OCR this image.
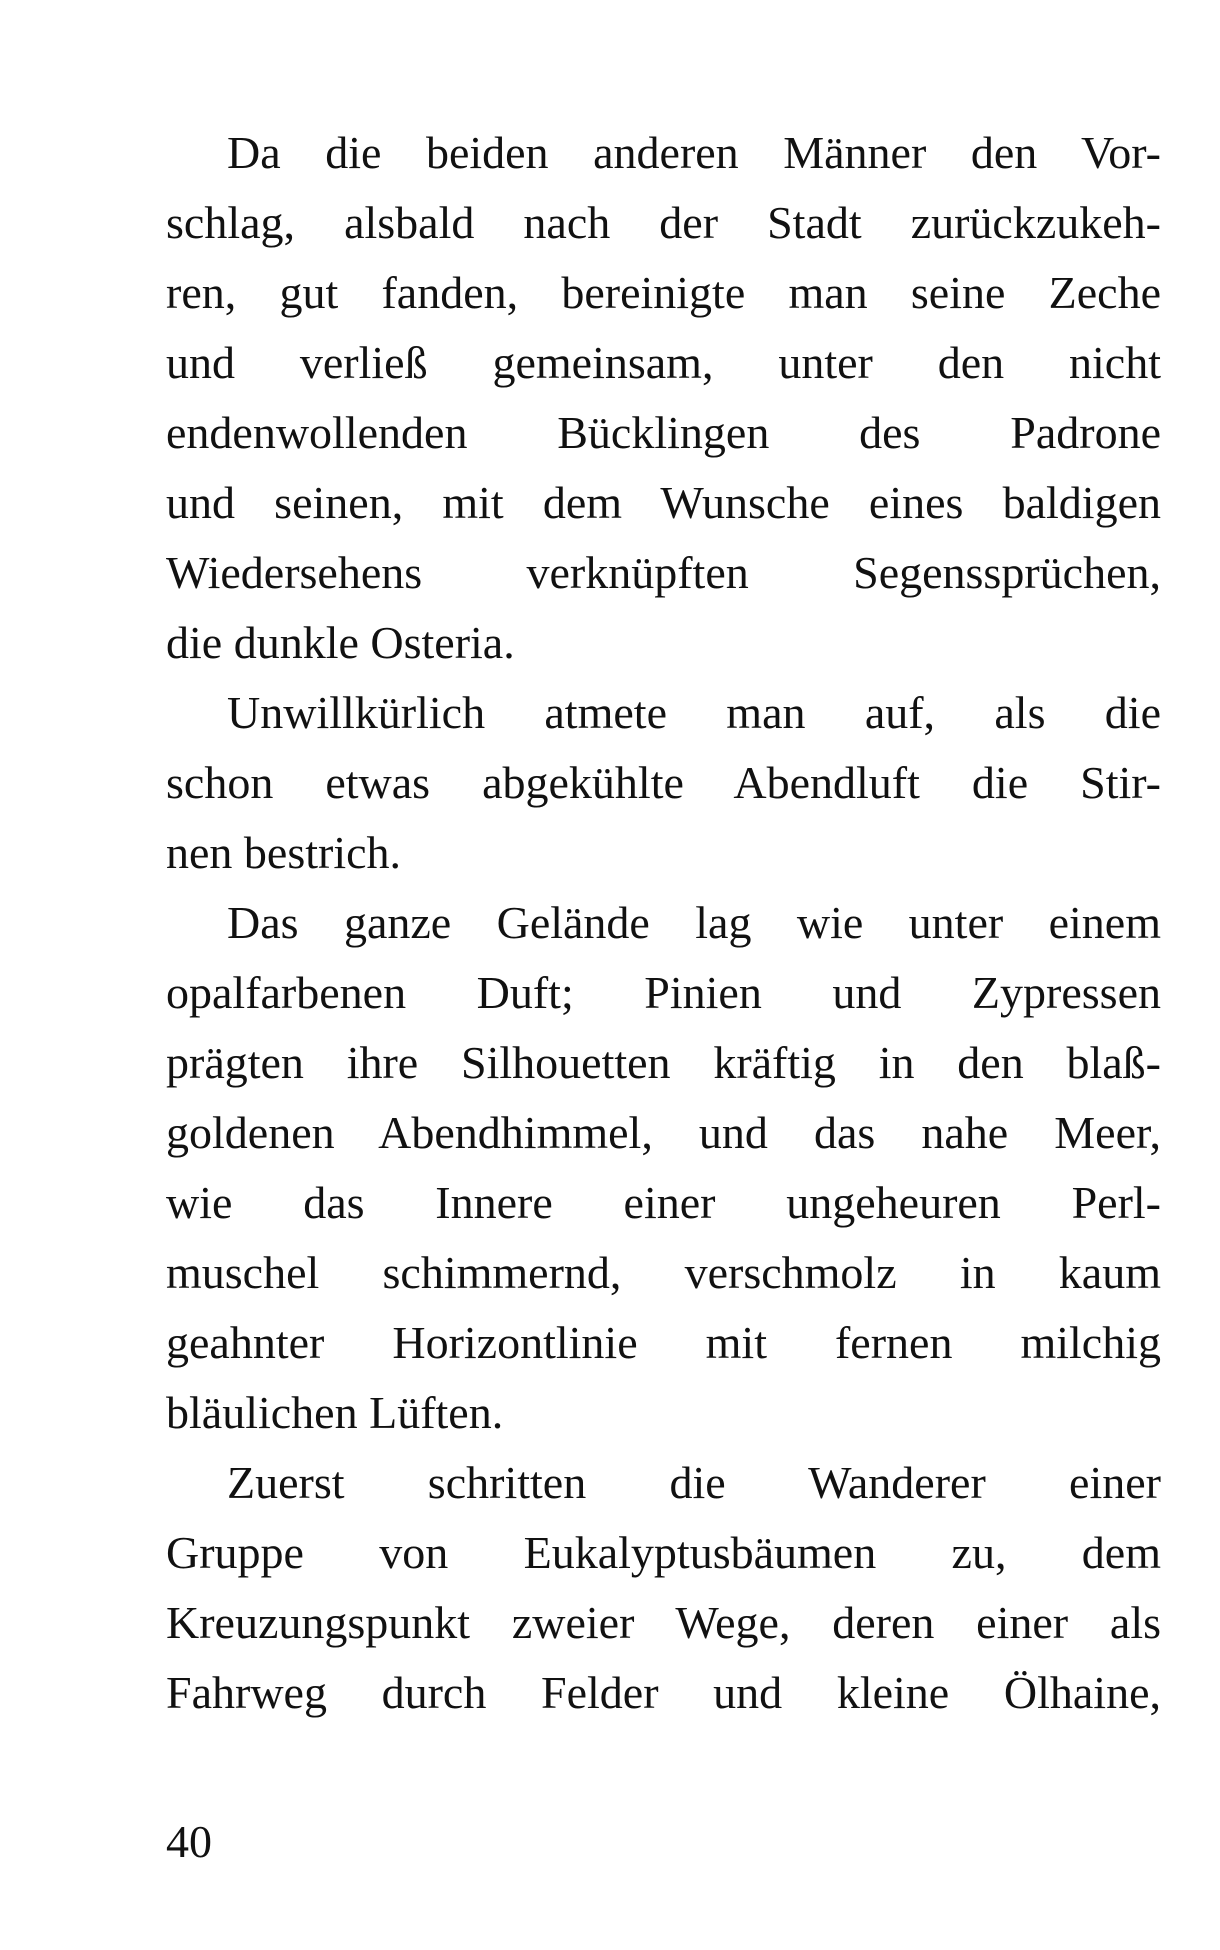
Da die beiden anderen Männer den Vor-
schlag, alsbald nach der Stadt zurückzukeh-
ren, gut fanden, bereinigte man seine Zeche
und verließ gemeinsam, unter den nicht
endenwollenden Bücklingen des Padrone
und seinen, mit dem Wunsche eines baldigen
Wiedersehens verknüpften Segenssprüchen,
die dunkle Osteria.
Unwillkürlich atmete man auf, als die
schon etwas abgekühlte Abendluft die Stir-
nen bestrich.
Das ganze Gelände lag wie unter einem
opalfarbenen Duft; Pinien und Zypressen
prägten ihre Silhouetten kräftig in den blaß-
goldenen Abendhimmel, und das nahe Meer,
wie das Innere einer ungeheuren Perl-
muschel schimmernd, verschmolz in kaum
geahnter Horizontlinie mit fernen milchig
bläulichen Lüften.
Zuerst schritten die Wanderer einer
Gruppe von Eukalyptusbäumen zu, dem
Kreuzungspunkt zweier Wege, deren einer als
Fahrweg durch Felder und kleine Ölhaine,
40
